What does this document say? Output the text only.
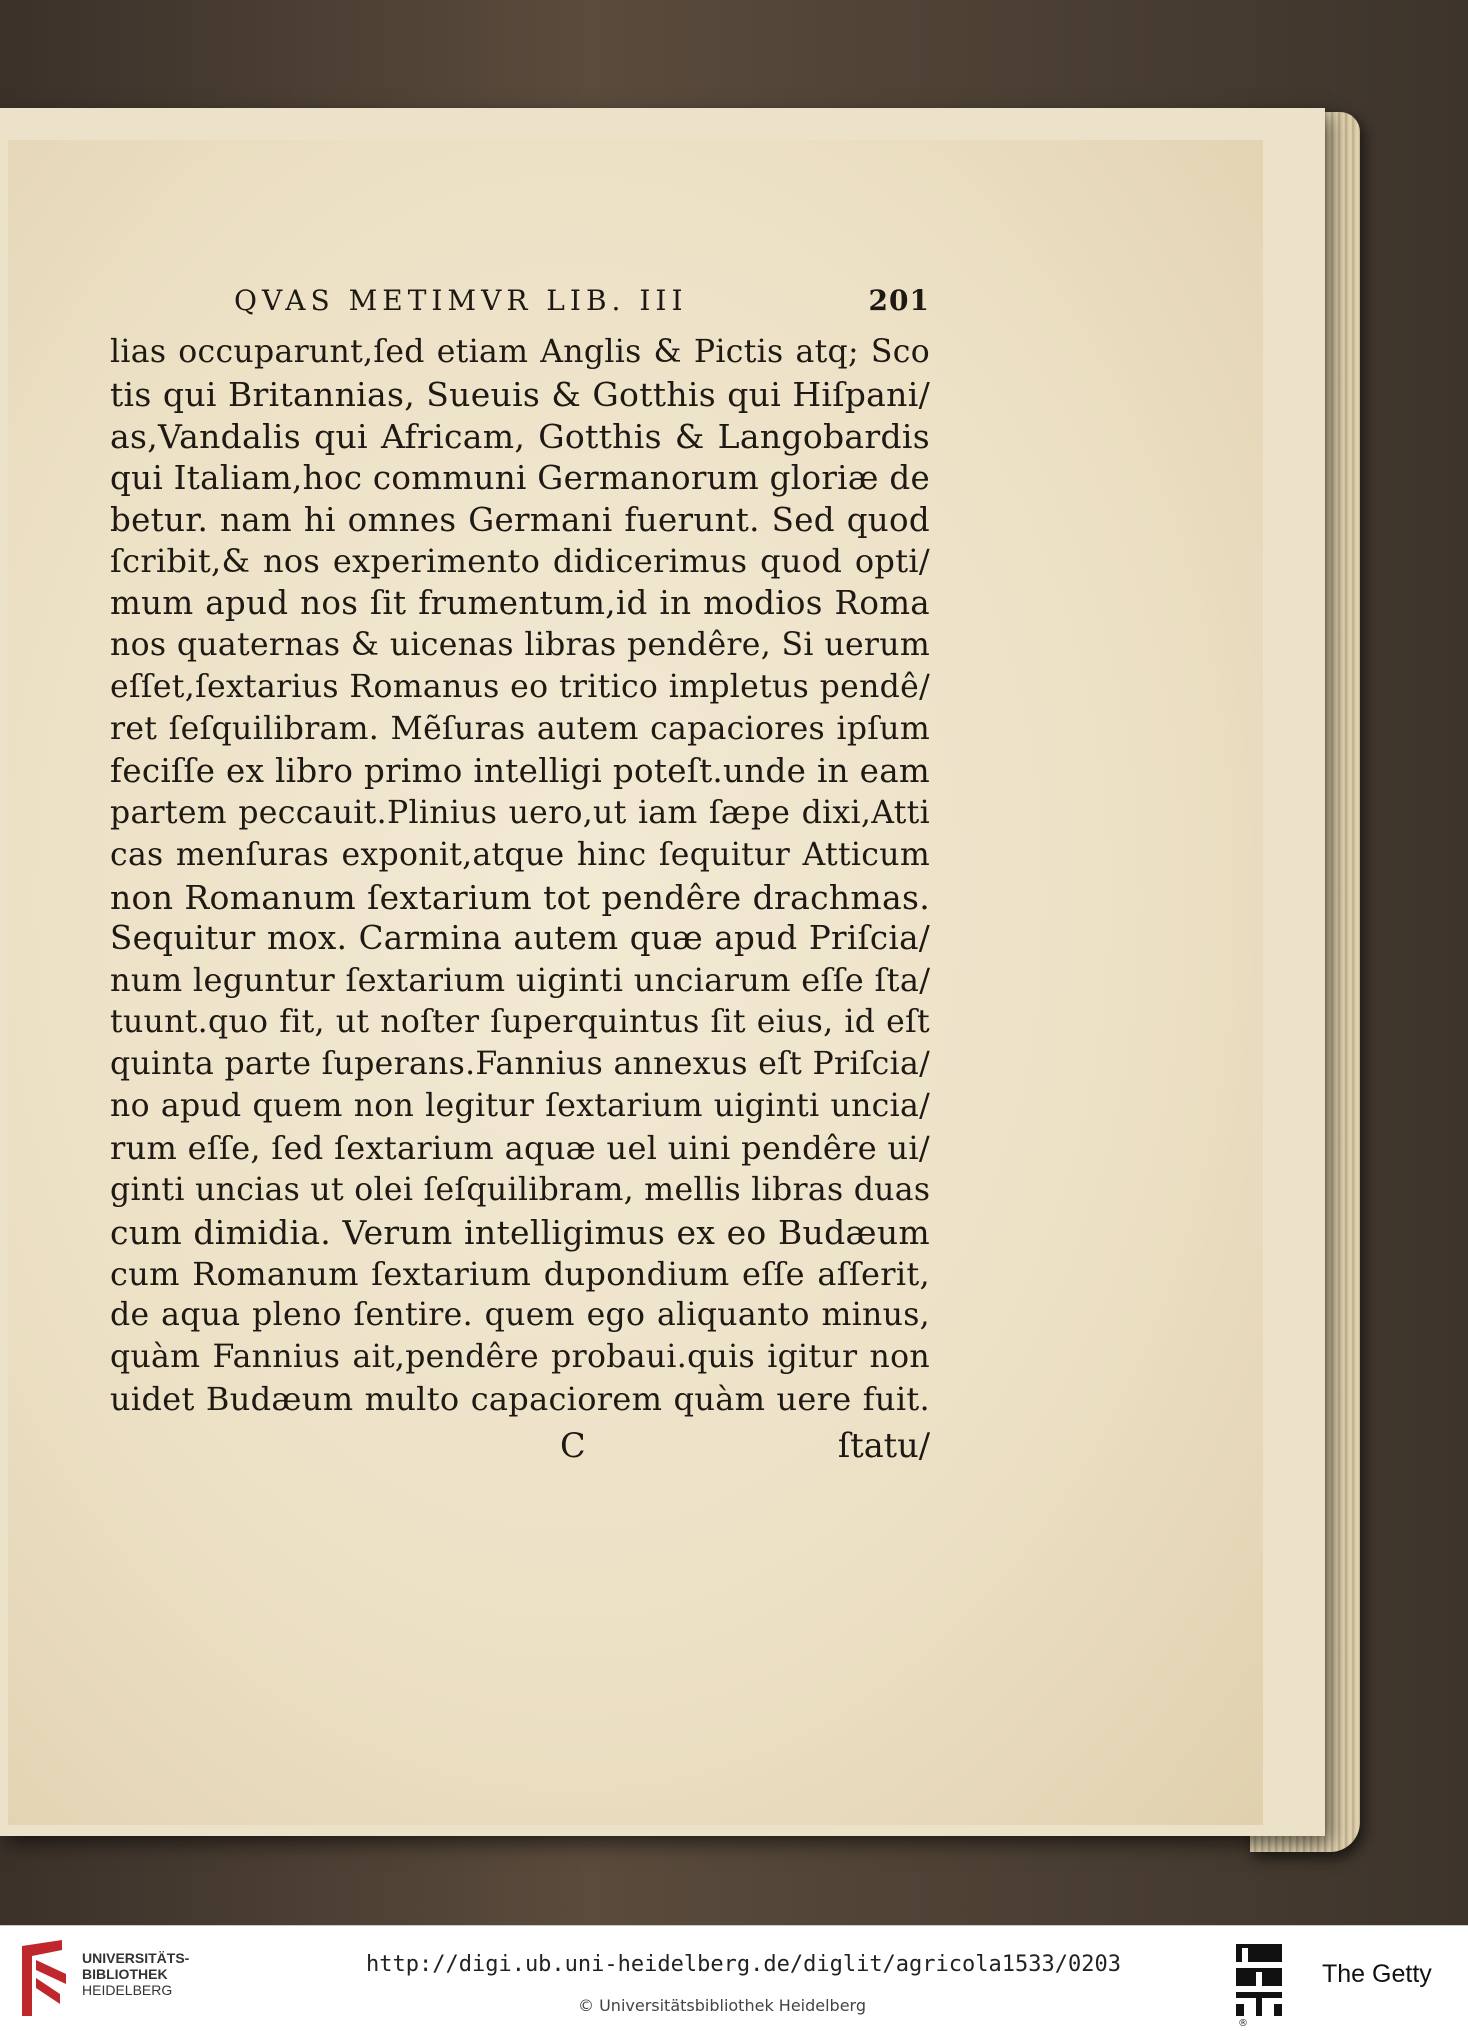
QVAS METIMVR LIB. III	201
lias occuparunt,ſed etiam Anglis & Pictis atq; Sco
tis qui Britannias, Sueuis & Gotthis qui Hiſpani/
as,Vandalis qui Africam, Gotthis & Langobardis
qui Italiam,hoc communi Germanorum gloriæ de
betur. nam hi omnes Germani fuerunt. Sed quod
ſcribit,& nos experimento didicerimus quod opti/
mum apud nos ſit frumentum,id in modios Roma
nos quaternas & uicenas libras pendêre, Si uerum
eſſet,ſextarius Romanus eo tritico impletus pendê/
ret ſeſquilibram. Mẽſuras autem capaciores ipſum
feciſſe ex libro primo intelligi poteſt.unde in eam
partem peccauit.Plinius uero,ut iam ſæpe dixi,Atti
cas menſuras exponit,atque hinc ſequitur Atticum
non Romanum ſextarium tot pendêre drachmas.
Sequitur mox. Carmina autem quæ apud Priſcia/
num leguntur ſextarium uiginti unciarum eſſe ſta/
tuunt.quo fit, ut noſter ſuperquintus ſit eius, id eſt
quinta parte ſuperans.Fannius annexus eſt Priſcia/
no apud quem non legitur ſextarium uiginti uncia/
rum eſſe, ſed ſextarium aquæ uel uini pendêre ui/
ginti uncias ut olei ſeſquilibram, mellis libras duas
cum dimidia. Verum intelligimus ex eo Budæum
cum Romanum ſextarium dupondium eſſe aſſerit,
de aqua pleno ſentire. quem ego aliquanto minus,
quàm Fannius ait,pendêre probaui.quis igitur non
uidet Budæum multo capaciorem quàm uere fuit.
C	ſtatu/
UNIVERSITÄTS-
BIBLIOTHEK
HEIDELBERG
http://digi.ub.uni-heidelberg.de/diglit/agricola1533/0203
© Universitätsbibliothek Heidelberg
The Getty
®
